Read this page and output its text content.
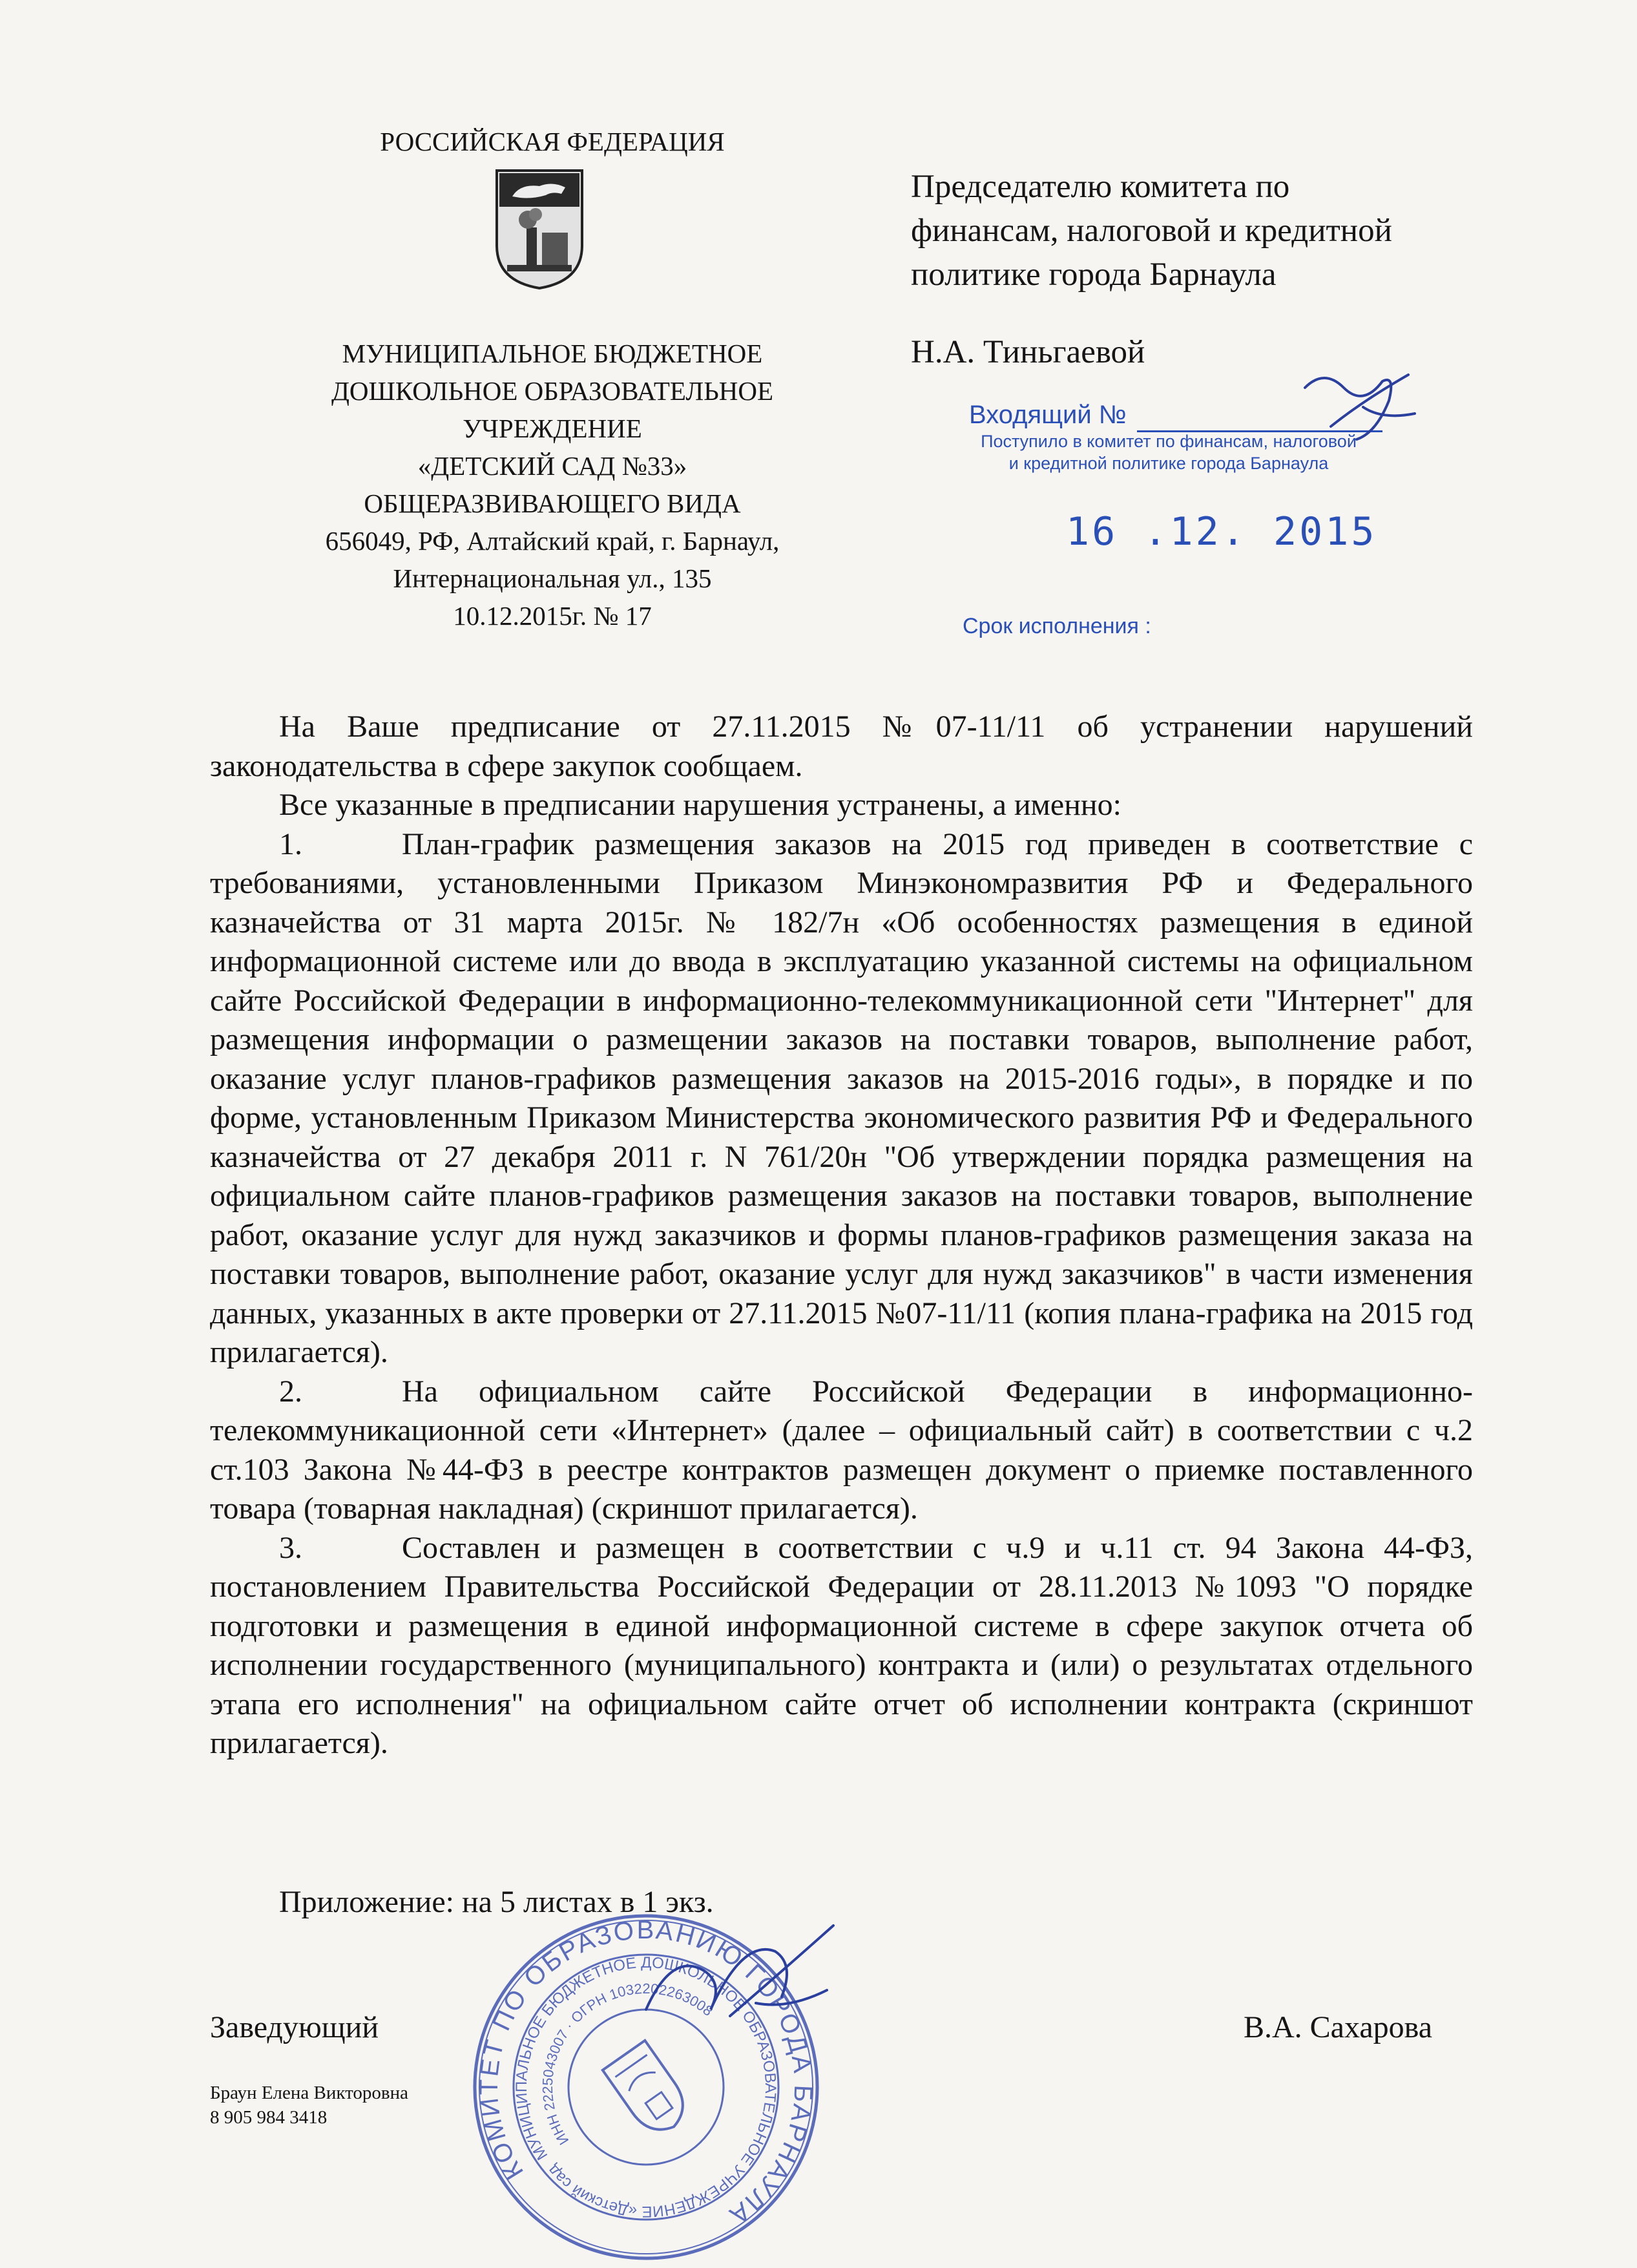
РОССИЙСКАЯ ФЕДЕРАЦИЯ
МУНИЦИПАЛЬНОЕ БЮДЖЕТНОЕ
ДОШКОЛЬНОЕ ОБРАЗОВАТЕЛЬНОЕ
УЧРЕЖДЕНИЕ
«ДЕТСКИЙ САД №33»
ОБЩЕРАЗВИВАЮЩЕГО ВИДА
656049, РФ, Алтайский край, г. Барнаул,
Интернациональная ул., 135
10.12.2015г. № 17
Председателю комитета по
финансам, налоговой и кредитной
политике города Барнаула
Н.А. Тиньгаевой
Входящий №
Поступило в комитет по финансам, налоговой
и кредитной политике города Барнаула
16 .12. 2015
Срок исполнения :

На Ваше предписание от 27.11.2015 №07-11/11 об устранении нарушений законодательства в сфере закупок сообщаем.

Все указанные в предписании нарушения устранены, а именно:

1.	План-график размещения заказов на 2015 год приведен в соответствие с требованиями, установленными Приказом Минэкономразвития РФ и Федерального казначейства от 31 марта 2015г. № 182/7н «Об особенностях размещения в единой информационной системе или до ввода в эксплуатацию указанной системы на официальном сайте Российской Федерации в информационно-телекоммуникационной сети "Интернет" для размещения информации о размещении заказов на поставки товаров, выполнение работ, оказание услуг планов-графиков размещения заказов на 2015-2016 годы», в порядке и по форме, установленным Приказом Министерства экономического развития РФ и Федерального казначейства от 27 декабря 2011 г. N 761/20н "Об утверждении порядка размещения на официальном сайте планов-графиков размещения заказов на поставки товаров, выполнение работ, оказание услуг для нужд заказчиков и формы планов-графиков размещения заказа на поставки товаров, выполнение работ, оказание услуг для нужд заказчиков" в части изменения данных, указанных в акте проверки от 27.11.2015 №07-11/11 (копия плана-графика на 2015 год прилагается).

2.	На официальном сайте Российской Федерации в информационно-телекоммуникационной сети «Интернет» (далее – официальный сайт) в соответствии с ч.2 ст.103 Закона №44-ФЗ в реестре контрактов размещен документ о приемке поставленного товара (товарная накладная) (скриншот прилагается).

3.	Составлен и размещен в соответствии с ч.9 и ч.11 ст. 94 Закона 44-ФЗ, постановлением Правительства Российской Федерации от 28.11.2013 №1093 "О порядке подготовки и размещения в единой информационной системе в сфере закупок отчета об исполнении государственного (муниципального) контракта и (или) о результатах отдельного этапа его исполнения" на официальном сайте отчет об исполнении контракта (скриншот прилагается).

Приложение: на 5 листах в 1 экз.
Заведующий	В.А. Сахарова
Браун Елена Викторовна
8 905 984 3418
КОМИТЕТ ПО ОБРАЗОВАНИЮ ГОРОДА БАРНАУЛА
МУНИЦИПАЛЬНОЕ БЮДЖЕТНОЕ ДОШКОЛЬНОЕ ОБРАЗОВАТЕЛЬНОЕ УЧРЕЖДЕНИЕ «Детский сад
ИНН 2225043007 · ОГРН 1032202263008
